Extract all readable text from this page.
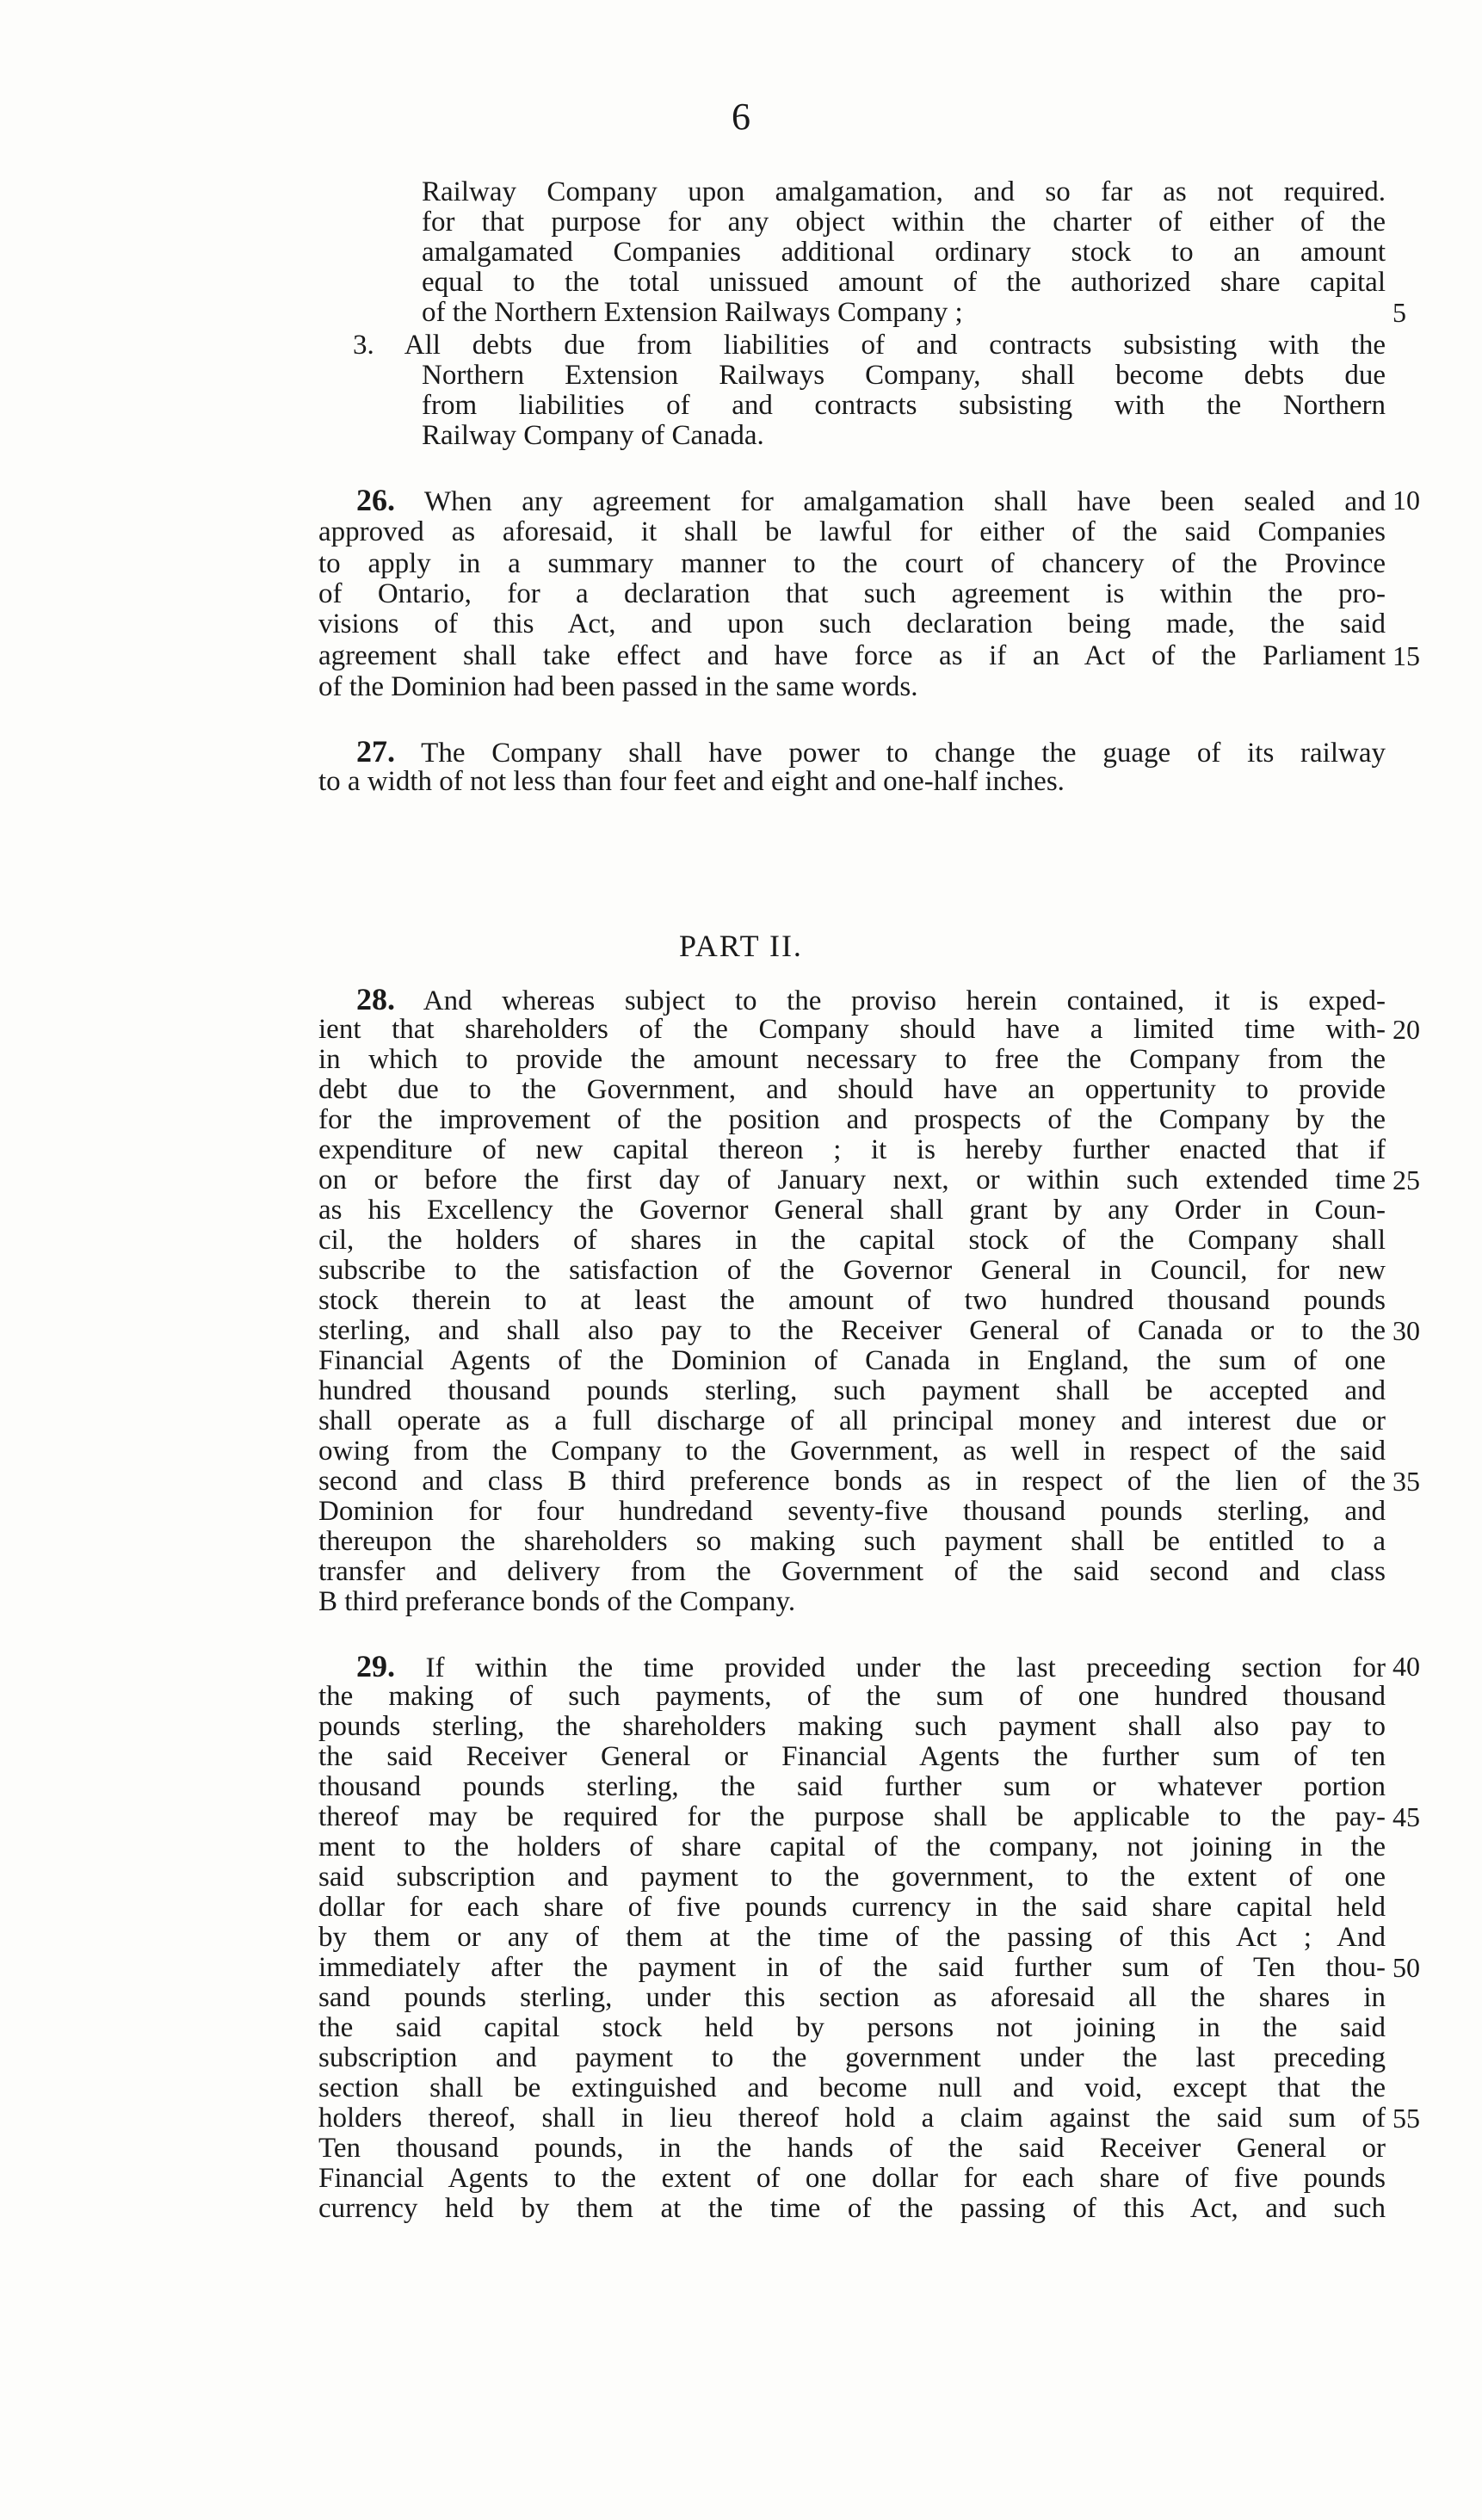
6
PART II.
Railway Company upon amalgamation, and so far as not required.
for that purpose for any object within the charter of either of the
amalgamated Companies additional ordinary stock to an amount
equal to the total unissued amount of the authorized share capital
of the Northern Extension Railways Company ;	5
3. All debts due from liabilities of and contracts subsisting with the
Northern Extension Railways Company, shall become debts due
from liabilities of and contracts subsisting with the Northern
Railway Company of Canada.
26. When any agreement for amalgamation shall have been sealed and 10
approved as aforesaid, it shall be lawful for either of the said Companies
to apply in a summary manner to the court of chancery of the Province
of Ontario, for a declaration that such agreement is within the pro-
visions of this Act, and upon such declaration being made, the said
agreement shall take effect and have force as if an Act of the Parliament 15
of the Dominion had been passed in the same words.
27. The Company shall have power to change the guage of its railway
to a width of not less than four feet and eight and one-half inches.
28. And whereas subject to the proviso herein contained, it is exped-
ient that shareholders of the Company should have a limited time with- 20
in which to provide the amount necessary to free the Company from the
debt due to the Government, and should have an oppertunity to provide
for the improvement of the position and prospects of the Company by the
expenditure of new capital thereon ; it is hereby further enacted that if
on or before the first day of January next, or within such extended time 25
as his Excellency the Governor General shall grant by any Order in Coun-
cil, the holders of shares in the capital stock of the Company shall
subscribe to the satisfaction of the Governor General in Council, for new
stock therein to at least the amount of two hundred thousand pounds
sterling, and shall also pay to the Receiver General of Canada or to the 30
Financial Agents of the Dominion of Canada in England, the sum of one
hundred thousand pounds sterling, such payment shall be accepted and
shall operate as a full discharge of all principal money and interest due or
owing from the Company to the Government, as well in respect of the said
second and class B third preference bonds as in respect of the lien of the 35
Dominion for four hundredand seventy-five thousand pounds sterling, and
thereupon the shareholders so making such payment shall be entitled to a
transfer and delivery from the Government of the said second and class
B third preferance bonds of the Company.
29. If within the time provided under the last preceeding section for 40
the making of such payments, of the sum of one hundred thousand
pounds sterling, the shareholders making such payment shall also pay to
the said Receiver General or Financial Agents the further sum of ten
thousand pounds sterling, the said further sum or whatever portion
thereof may be required for the purpose shall be applicable to the pay- 45
ment to the holders of share capital of the company, not joining in the
said subscription and payment to the government, to the extent of one
dollar for each share of five pounds currency in the said share capital held
by them or any of them at the time of the passing of this Act ; And
immediately after the payment in of the said further sum of Ten thou- 50
sand pounds sterling, under this section as aforesaid all the shares in
the said capital stock held by persons not joining in the said
subscription and payment to the government under the last preceding
section shall be extinguished and become null and void, except that the
holders thereof, shall in lieu thereof hold a claim against the said sum of 55
Ten thousand pounds, in the hands of the said Receiver General or
Financial Agents to the extent of one dollar for each share of five pounds
currency held by them at the time of the passing of this Act, and such
